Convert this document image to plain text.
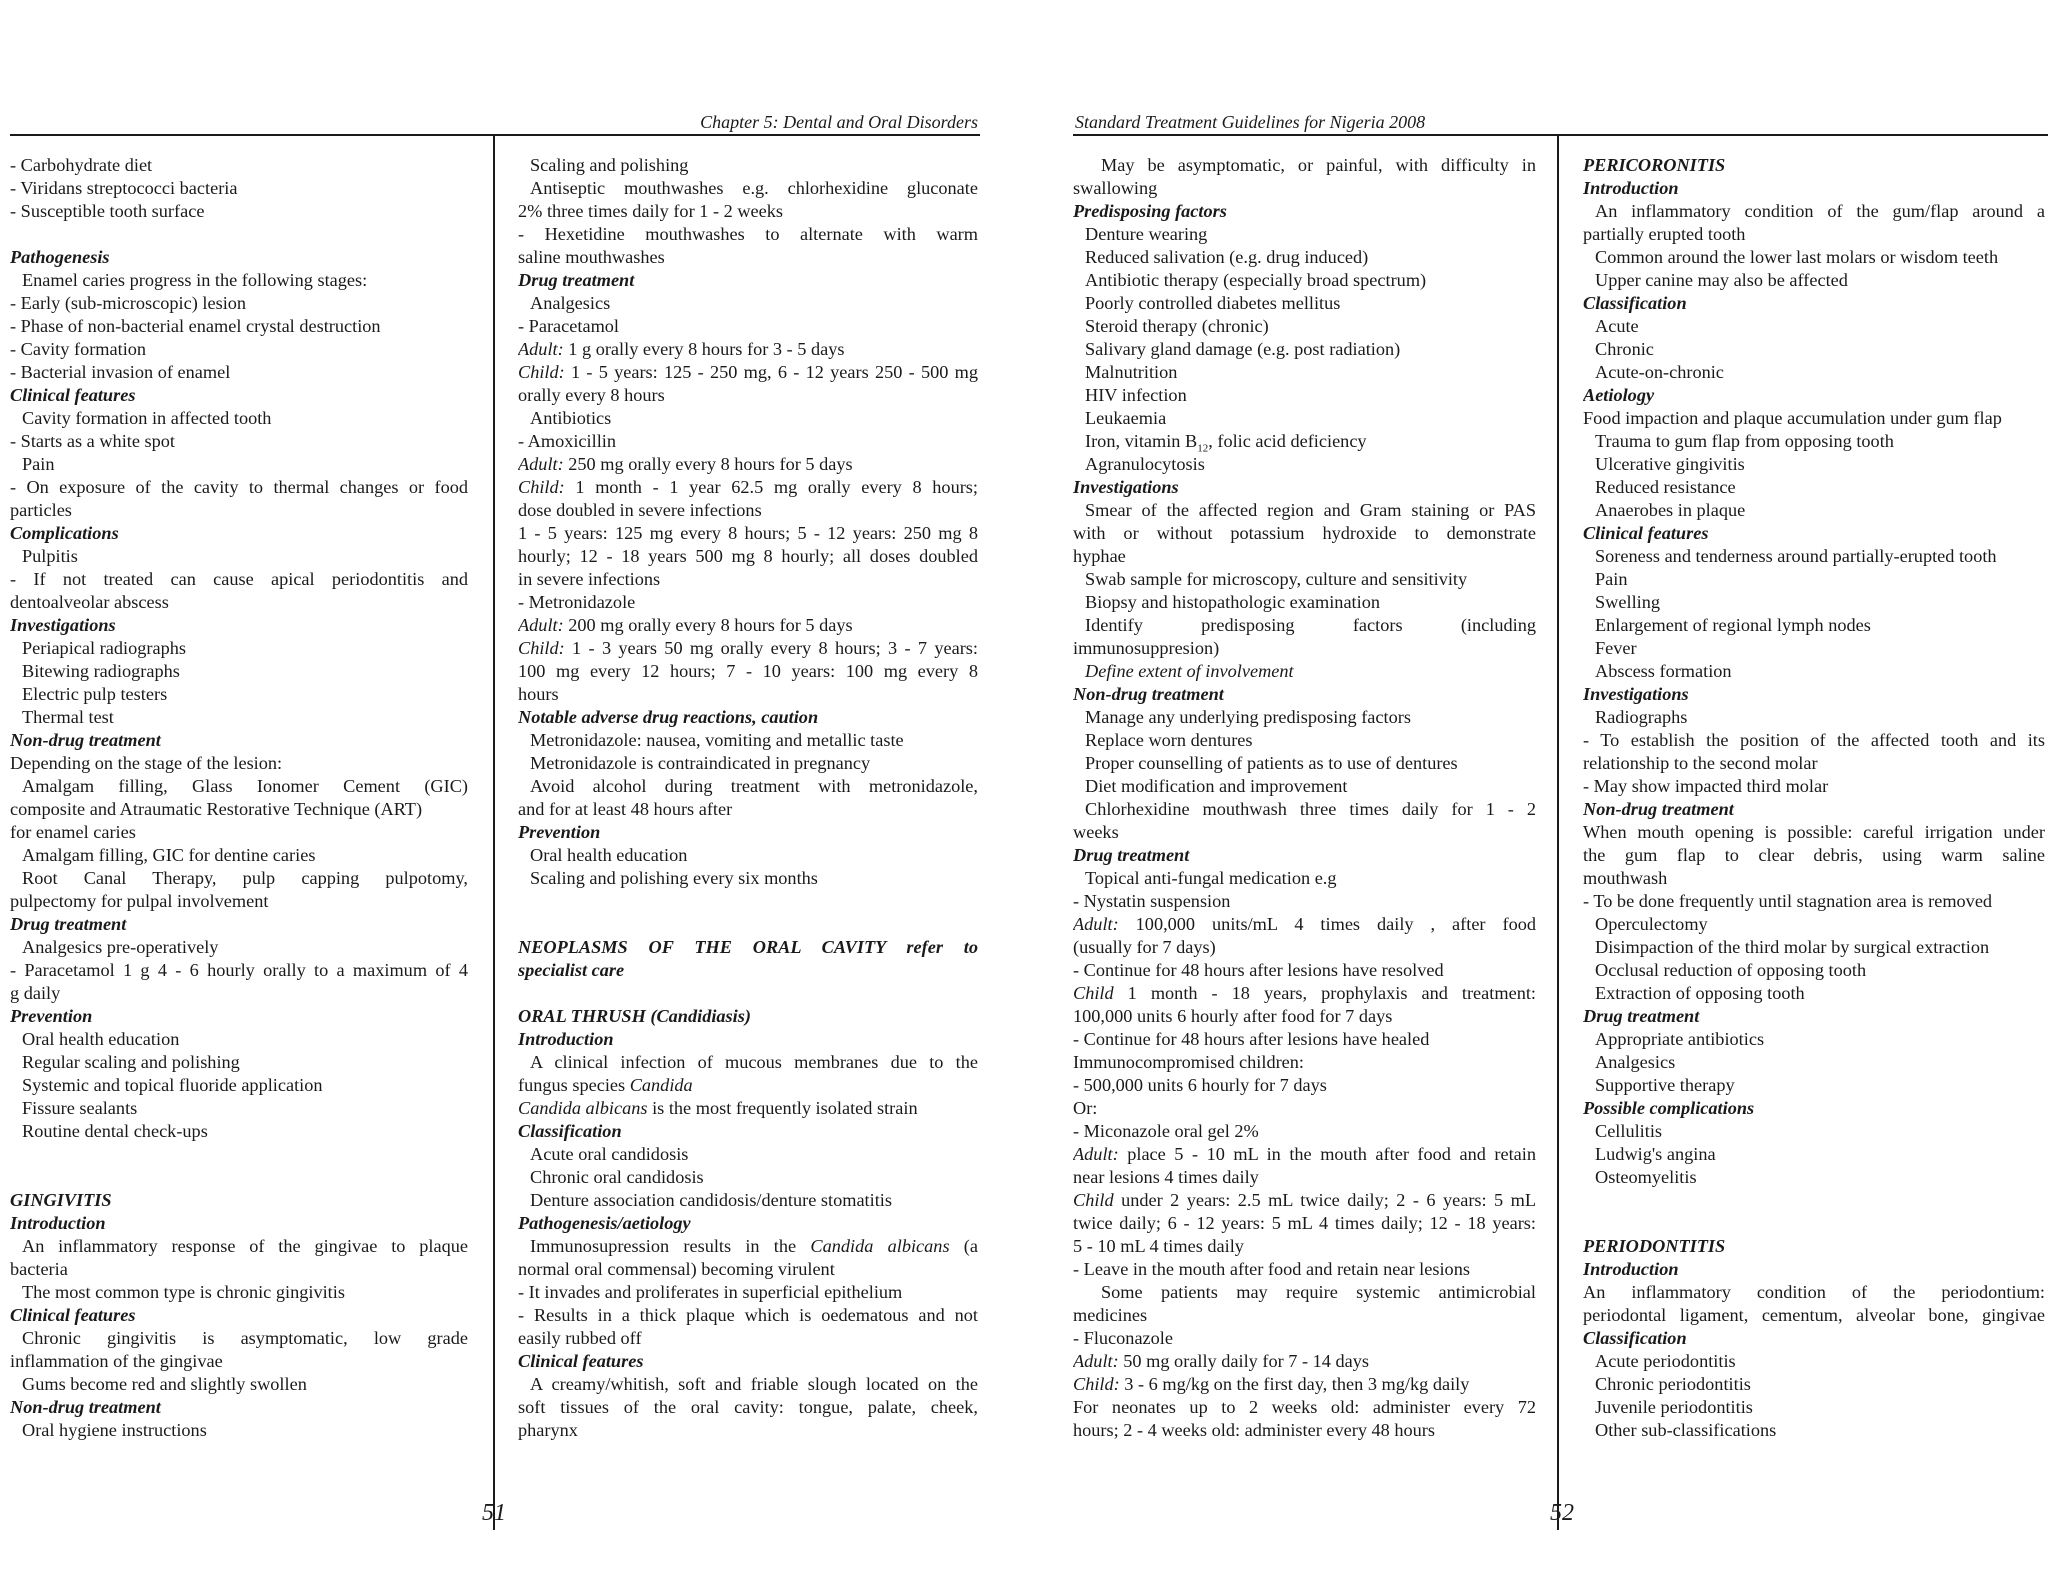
Chapter 5: Dental and Oral Disorders	Standard Treatment Guidelines for Nigeria 2008
- Carbohydrate diet
- Viridans streptococci bacteria
- Susceptible tooth surface
Pathogenesis
Enamel caries progress in the following stages:
- Early (sub-microscopic) lesion
- Phase of non-bacterial enamel crystal destruction
- Cavity formation
- Bacterial invasion of enamel
Clinical features
Cavity formation in affected tooth
- Starts as a white spot
Pain
- On exposure of the cavity to thermal changes or food
particles
Complications
Pulpitis
- If not treated can cause apical periodontitis and
dentoalveolar abscess
Investigations
Periapical radiographs
Bitewing radiographs
Electric pulp testers
Thermal test
Non-drug treatment
Depending on the stage of the lesion:
Amalgam filling, Glass Ionomer Cement (GIC)
composite and Atraumatic Restorative Technique (ART)
for enamel caries
Amalgam filling, GIC for dentine caries
Root Canal Therapy, pulp capping pulpotomy,
pulpectomy for pulpal involvement
Drug treatment
Analgesics pre-operatively
- Paracetamol 1 g 4 - 6 hourly orally to a maximum of 4
g daily
Prevention
Oral health education
Regular scaling and polishing
Systemic and topical fluoride application
Fissure sealants
Routine dental check-ups
GINGIVITIS
Introduction
An inflammatory response of the gingivae to plaque
bacteria
The most common type is chronic gingivitis
Clinical features
Chronic gingivitis is asymptomatic, low grade
inflammation of the gingivae
Gums become red and slightly swollen
Non-drug treatment
Oral hygiene instructions
Scaling and polishing
Antiseptic mouthwashes e.g. chlorhexidine gluconate
2% three times daily for 1 - 2 weeks
- Hexetidine mouthwashes to alternate with warm
saline mouthwashes
Drug treatment
Analgesics
- Paracetamol
Adult: 1 g orally every 8 hours for 3 - 5 days
Child: 1 - 5 years: 125 - 250 mg, 6 - 12 years 250 - 500 mg
orally every 8 hours
Antibiotics
- Amoxicillin
Adult: 250 mg orally every 8 hours for 5 days
Child: 1 month - 1 year 62.5 mg orally every 8 hours;
dose doubled in severe infections
1 - 5 years: 125 mg every 8 hours; 5 - 12 years: 250 mg 8
hourly; 12 - 18 years 500 mg 8 hourly; all doses doubled
in severe infections
- Metronidazole
Adult: 200 mg orally every 8 hours for 5 days
Child: 1 - 3 years 50 mg orally every 8 hours; 3 - 7 years:
100 mg every 12 hours; 7 - 10 years: 100 mg every 8
hours
Notable adverse drug reactions, caution
Metronidazole: nausea, vomiting and metallic taste
Metronidazole is contraindicated in pregnancy
Avoid alcohol during treatment with metronidazole,
and for at least 48 hours after
Prevention
Oral health education
Scaling and polishing every six months
NEOPLASMS OF THE ORAL CAVITY refer to
specialist care
ORAL THRUSH (Candidiasis)
Introduction
A clinical infection of mucous membranes due to the
fungus species Candida
Candida albicans is the most frequently isolated strain
Classification
Acute oral candidosis
Chronic oral candidosis
Denture association candidosis/denture stomatitis
Pathogenesis/aetiology
Immunosupression results in the Candida albicans (a
normal oral commensal) becoming virulent
- It invades and proliferates in superficial epithelium
- Results in a thick plaque which is oedematous and not
easily rubbed off
Clinical features
A creamy/whitish, soft and friable slough located on the
soft tissues of the oral cavity: tongue, palate, cheek,
pharynx
May be asymptomatic, or painful, with difficulty in
swallowing
Predisposing factors
Denture wearing
Reduced salivation (e.g. drug induced)
Antibiotic therapy (especially broad spectrum)
Poorly controlled diabetes mellitus
Steroid therapy (chronic)
Salivary gland damage (e.g. post radiation)
Malnutrition
HIV infection
Leukaemia
Iron, vitamin $B_{12}$, folic acid deficiency
Agranulocytosis
Investigations
Smear of the affected region and Gram staining or PAS
with or without potassium hydroxide to demonstrate
hyphae
Swab sample for microscopy, culture and sensitivity
Biopsy and histopathologic examination
Identify predisposing factors (including
immunosuppresion)
Define extent of involvement
Non-drug treatment
Manage any underlying predisposing factors
Replace worn dentures
Proper counselling of patients as to use of dentures
Diet modification and improvement
Chlorhexidine mouthwash three times daily for 1 - 2
weeks
Drug treatment
Topical anti-fungal medication e.g
- Nystatin suspension
Adult: 100,000 units/mL 4 times daily , after food
(usually for 7 days)
- Continue for 48 hours after lesions have resolved
Child 1 month - 18 years, prophylaxis and treatment:
100,000 units 6 hourly after food for 7 days
- Continue for 48 hours after lesions have healed
Immunocompromised children:
- 500,000 units 6 hourly for 7 days
Or:
- Miconazole oral gel 2%
Adult: place 5 - 10 mL in the mouth after food and retain
near lesions 4 times daily
Child under 2 years: 2.5 mL twice daily; 2 - 6 years: 5 mL
twice daily; 6 - 12 years: 5 mL 4 times daily; 12 - 18 years:
5 - 10 mL 4 times daily
- Leave in the mouth after food and retain near lesions
Some patients may require systemic antimicrobial
medicines
- Fluconazole
Adult: 50 mg orally daily for 7 - 14 days
Child: 3 - 6 mg/kg on the first day, then 3 mg/kg daily
For neonates up to 2 weeks old: administer every 72
hours; 2 - 4 weeks old: administer every 48 hours
PERICORONITIS
Introduction
An inflammatory condition of the gum/flap around a
partially erupted tooth
Common around the lower last molars or wisdom teeth
Upper canine may also be affected
Classification
Acute
Chronic
Acute-on-chronic
Aetiology
Food impaction and plaque accumulation under gum flap
Trauma to gum flap from opposing tooth
Ulcerative gingivitis
Reduced resistance
Anaerobes in plaque
Clinical features
Soreness and tenderness around partially-erupted tooth
Pain
Swelling
Enlargement of regional lymph nodes
Fever
Abscess formation
Investigations
Radiographs
- To establish the position of the affected tooth and its
relationship to the second molar
- May show impacted third molar
Non-drug treatment
When mouth opening is possible: careful irrigation under
the gum flap to clear debris, using warm saline
mouthwash
- To be done frequently until stagnation area is removed
Operculectomy
Disimpaction of the third molar by surgical extraction
Occlusal reduction of opposing tooth
Extraction of opposing tooth
Drug treatment
Appropriate antibiotics
Analgesics
Supportive therapy
Possible complications
Cellulitis
Ludwig's angina
Osteomyelitis
PERIODONTITIS
Introduction
An inflammatory condition of the periodontium:
periodontal ligament, cementum, alveolar bone, gingivae
Classification
Acute periodontitis
Chronic periodontitis
Juvenile periodontitis
Other sub-classifications
51	52
